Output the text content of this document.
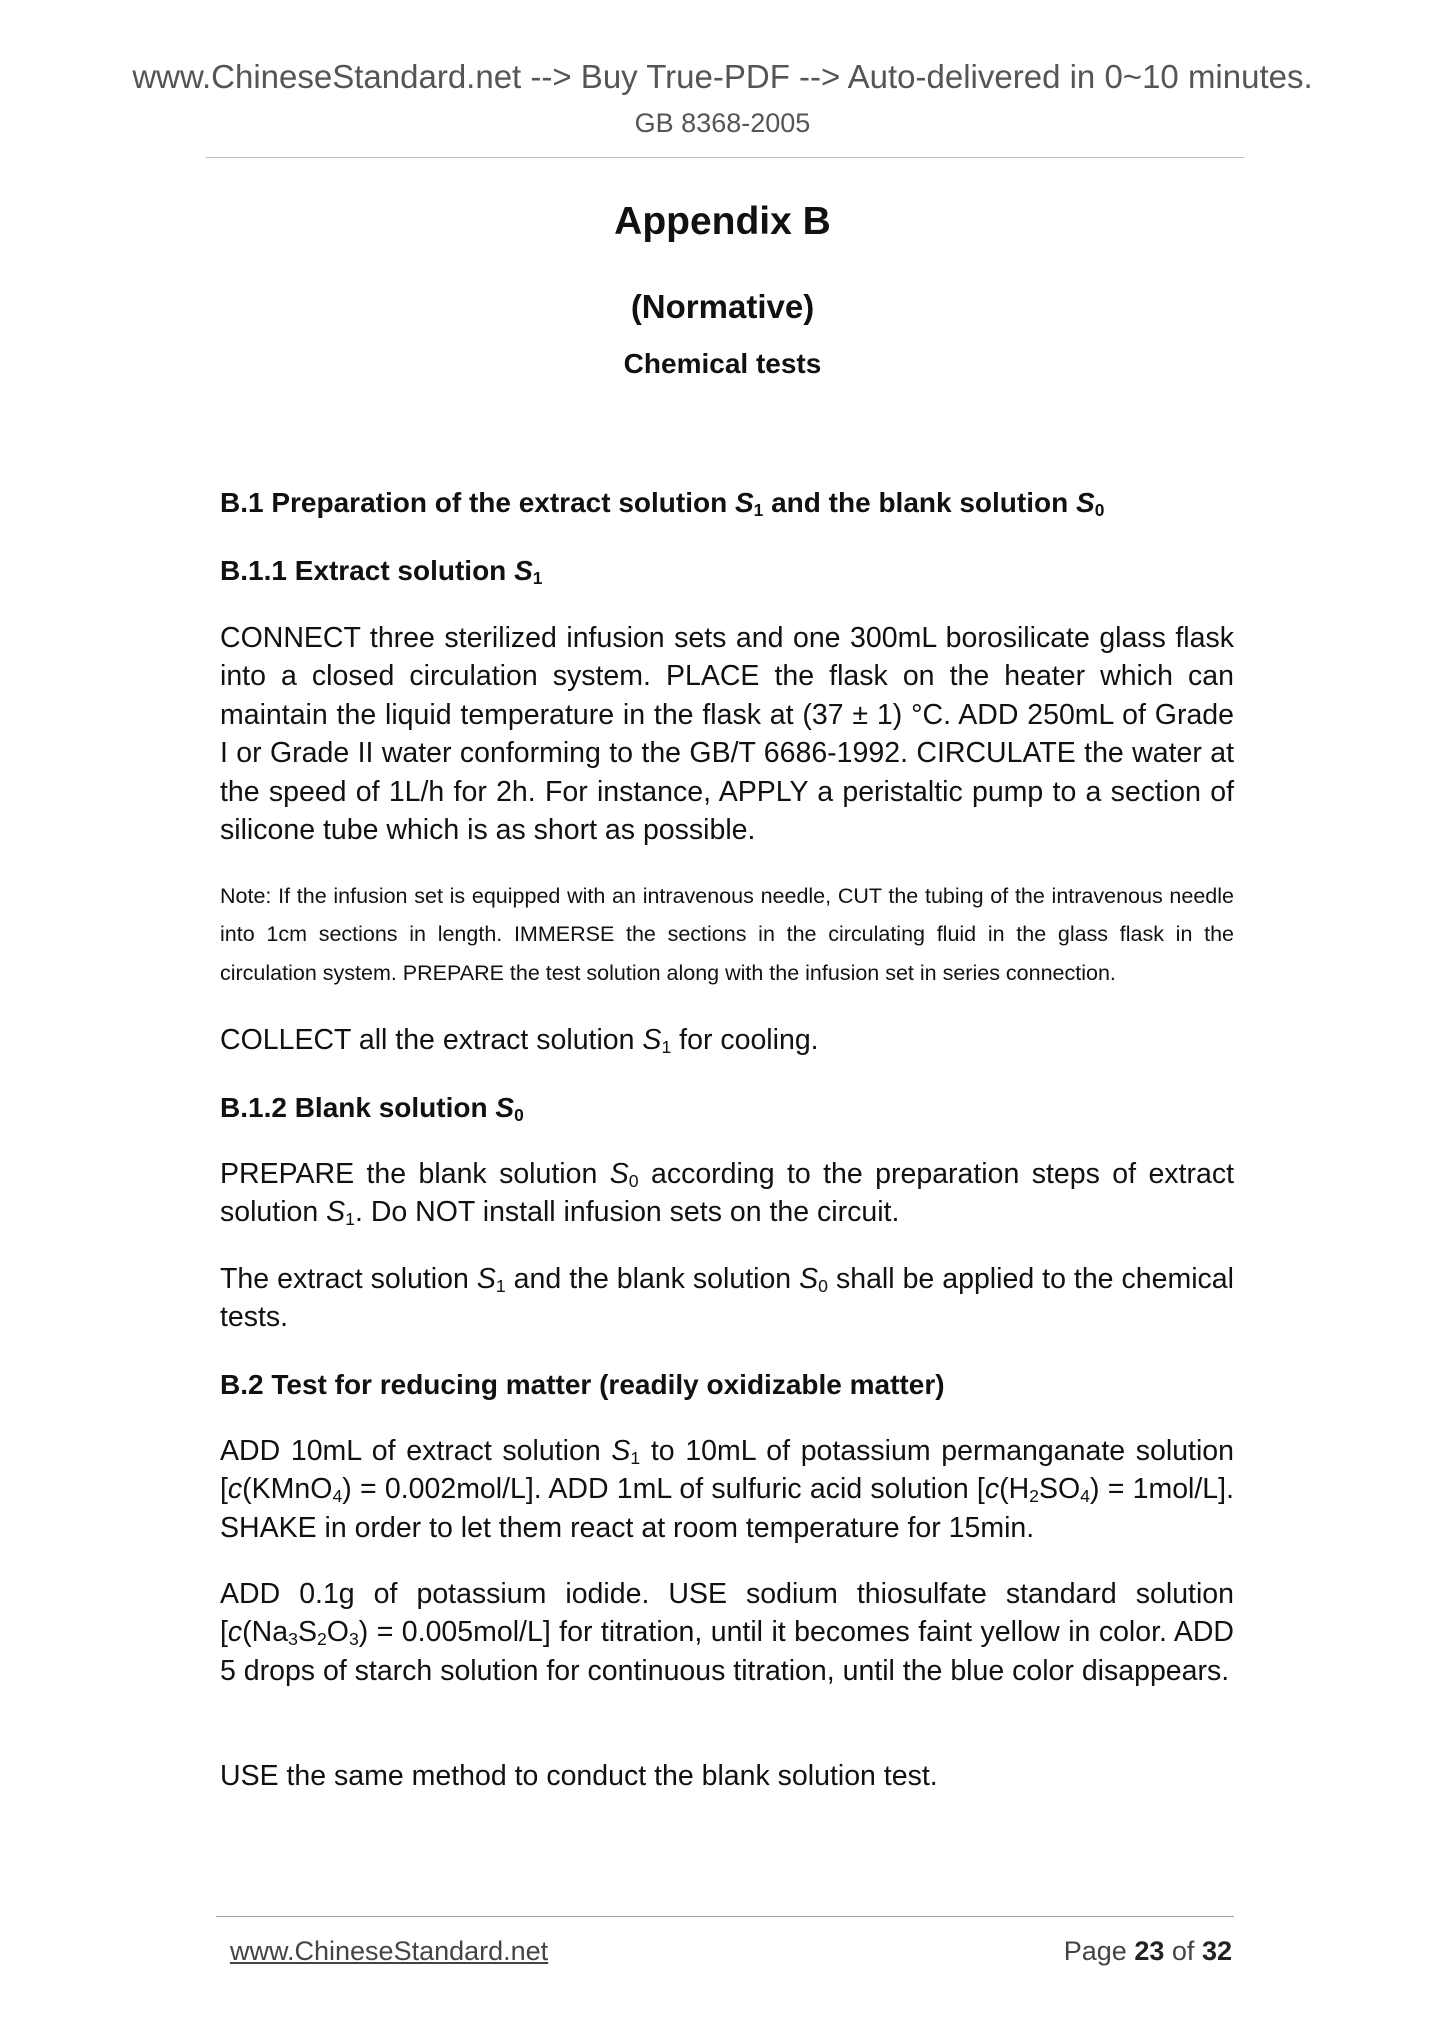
www.ChineseStandard.net --> Buy True-PDF --> Auto-delivered in 0~10 minutes.
GB 8368-2005
Appendix B
(Normative)
Chemical tests

B.1 Preparation of the extract solution $S_1$ and the blank solution $S_0$

B.1.1 Extract solution $S_1$

CONNECT three sterilized infusion sets and one 300mL borosilicate glass flask into a closed circulation system. PLACE the flask on the heater which can maintain the liquid temperature in the flask at (37 ± 1) °C. ADD 250mL of Grade I or Grade II water conforming to the GB/T 6686-1992. CIRCULATE the water at the speed of 1L/h for 2h. For instance, APPLY a peristaltic pump to a section of silicone tube which is as short as possible.

Note: If the infusion set is equipped with an intravenous needle, CUT the tubing of the intravenous needle into 1cm sections in length. IMMERSE the sections in the circulating fluid in the glass flask in the circulation system. PREPARE the test solution along with the infusion set in series connection.

COLLECT all the extract solution $S_1$ for cooling.

B.1.2 Blank solution $S_0$

PREPARE the blank solution $S_0$ according to the preparation steps of extract solution $S_1$. Do NOT install infusion sets on the circuit.

The extract solution $S_1$ and the blank solution $S_0$ shall be applied to the chemical tests.

B.2 Test for reducing matter (readily oxidizable matter)

ADD 10mL of extract solution $S_1$ to 10mL of potassium permanganate solution [c(KMnO$_4$) = 0.002mol/L]. ADD 1mL of sulfuric acid solution $[c(H_2SO_4) = 1mol/L]$. SHAKE in order to let them react at room temperature for 15min.

ADD 0.1g of potassium iodide. USE sodium thiosulfate standard solution $[c(Na_3S_2O_3) = 0.005mol/L]$ for titration, until it becomes faint yellow in color. ADD 5 drops of starch solution for continuous titration, until the blue color disappears.

USE the same method to conduct the blank solution test.

www.ChineseStandard.net	Page 23 of 32
